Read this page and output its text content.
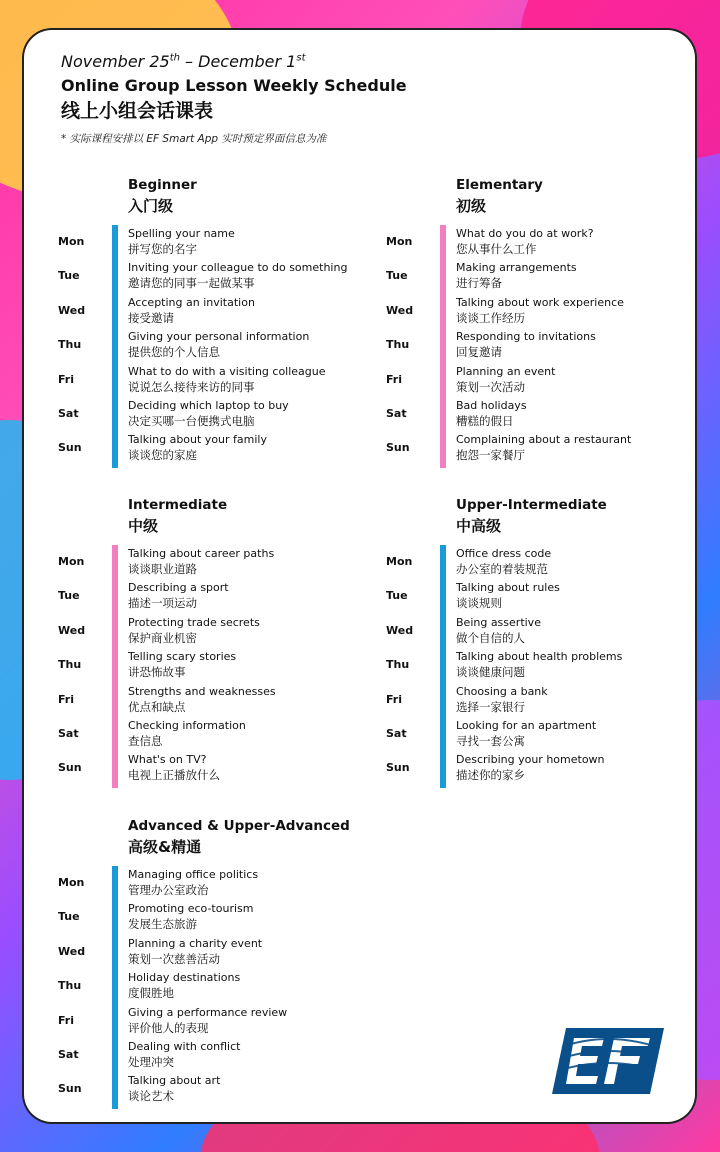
November 25th – December 1st
Online Group Lesson Weekly Schedule
线上小组会话课表
* 实际课程安排以 EF Smart App 实时预定界面信息为准
Beginner
入门级
Mon
Spelling your name
拼写您的名字
Tue
Inviting your colleague to do something
邀请您的同事一起做某事
Wed
Accepting an invitation
接受邀请
Thu
Giving your personal information
提供您的个人信息
Fri
What to do with a visiting colleague
说说怎么接待来访的同事
Sat
Deciding which laptop to buy
决定买哪一台便携式电脑
Sun
Talking about your family
谈谈您的家庭
Elementary
初级
Mon
What do you do at work?
您从事什么工作
Tue
Making arrangements
进行筹备
Wed
Talking about work experience
谈谈工作经历
Thu
Responding to invitations
回复邀请
Fri
Planning an event
策划一次活动
Sat
Bad holidays
糟糕的假日
Sun
Complaining about a restaurant
抱怨一家餐厅
Intermediate
中级
Mon
Talking about career paths
谈谈职业道路
Tue
Describing a sport
描述一项运动
Wed
Protecting trade secrets
保护商业机密
Thu
Telling scary stories
讲恐怖故事
Fri
Strengths and weaknesses
优点和缺点
Sat
Checking information
查信息
Sun
What's on TV?
电视上正播放什么
Upper-Intermediate
中高级
Mon
Office dress code
办公室的着装规范
Tue
Talking about rules
谈谈规则
Wed
Being assertive
做个自信的人
Thu
Talking about health problems
谈谈健康问题
Fri
Choosing a bank
选择一家银行
Sat
Looking for an apartment
寻找一套公寓
Sun
Describing your hometown
描述你的家乡
Advanced & Upper-Advanced
高级&精通
Mon
Managing office politics
管理办公室政治
Tue
Promoting eco-tourism
发展生态旅游
Wed
Planning a charity event
策划一次慈善活动
Thu
Holiday destinations
度假胜地
Fri
Giving a performance review
评价他人的表现
Sat
Dealing with conflict
处理冲突
Sun
Talking about art
谈论艺术
